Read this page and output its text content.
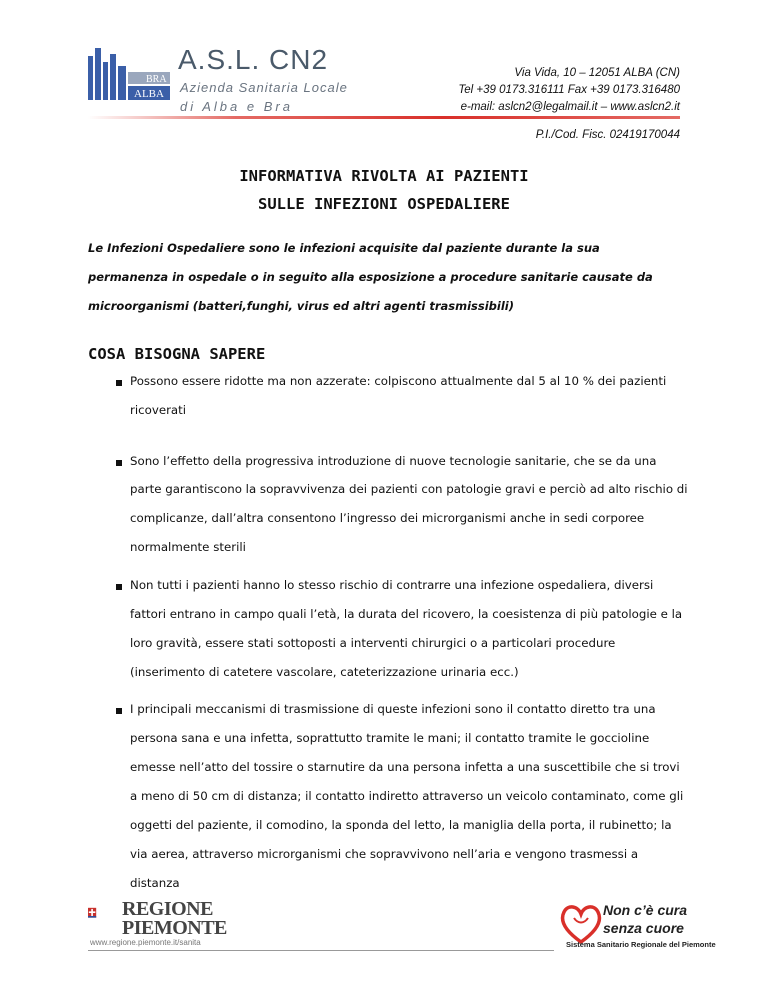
BRA
ALBA
A.S.L. CN2
Azienda Sanitaria Locale
di Alba e Bra
Via Vida, 10 – 12051 ALBA (CN)
Tel +39 0173.316111 Fax +39 0173.316480
e-mail: aslcn2@legalmail.it – www.aslcn2.it
P.I./Cod. Fisc. 02419170044
INFORMATIVA RIVOLTA AI PAZIENTI
SULLE INFEZIONI OSPEDALIERE
Le Infezioni Ospedaliere sono le infezioni acquisite dal paziente durante la sua
permanenza in ospedale o in seguito alla esposizione a procedure sanitarie causate da
microorganismi (batteri,funghi, virus ed altri agenti trasmissibili)
COSA BISOGNA SAPERE
Possono essere ridotte ma non azzerate: colpiscono attualmente dal 5 al 10 % dei pazienti
ricoverati
Sono l’effetto della progressiva introduzione di nuove tecnologie sanitarie, che se da una
parte garantiscono la sopravvivenza dei pazienti con patologie gravi e perciò ad alto rischio di
complicanze, dall’altra consentono l’ingresso dei microrganismi anche in sedi corporee
normalmente sterili
Non tutti i pazienti hanno lo stesso rischio di contrarre una infezione ospedaliera, diversi
fattori entrano in campo quali l’età, la durata del ricovero, la coesistenza di più patologie e la
loro gravità, essere stati sottoposti a interventi chirurgici o a particolari procedure
(inserimento di catetere vascolare, cateterizzazione urinaria ecc.)
I principali meccanismi di trasmissione di queste infezioni sono il contatto diretto tra una
persona sana e una infetta, soprattutto tramite le mani; il contatto tramite le goccioline
emesse nell’atto del tossire o starnutire da una persona infetta a una suscettibile che si trovi
a meno di 50 cm di distanza; il contatto indiretto attraverso un veicolo contaminato, come gli
oggetti del paziente, il comodino, la sponda del letto, la maniglia della porta, il rubinetto; la
via aerea, attraverso microrganismi che sopravvivono nell’aria e vengono trasmessi a
distanza
REGIONE
PIEMONTE
www.regione.piemonte.it/sanita
Non c’è cura
senza cuore
Sistema Sanitario Regionale del Piemonte
